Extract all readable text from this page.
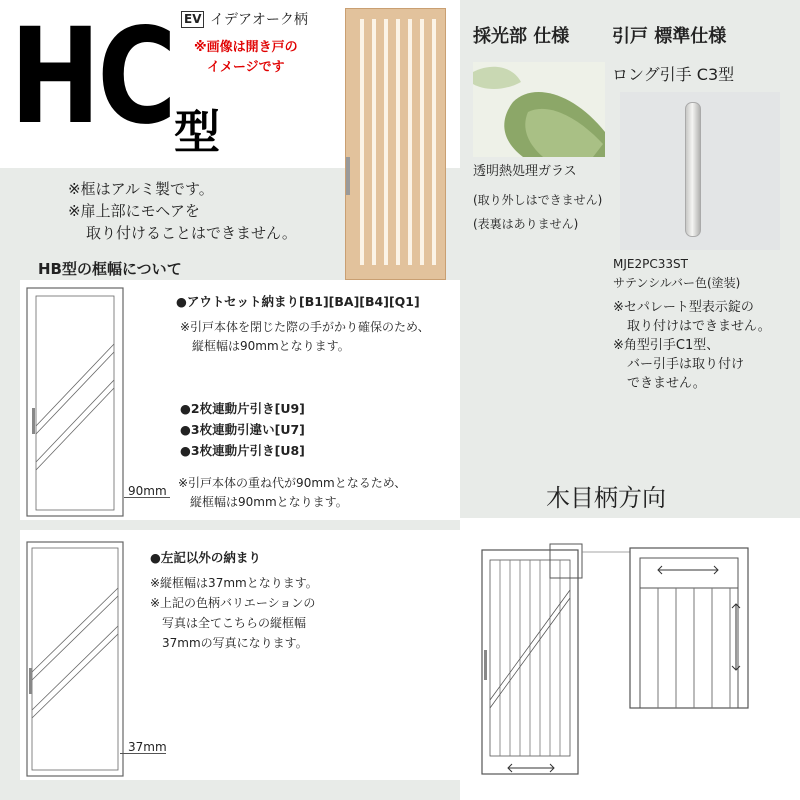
HC 型
EV イデアオーク柄
※画像は開き戸の
イメージです
※框はアルミ製です。
※扉上部にモヘアを
取り付けることはできません。
HB型の框幅について
90mm
●アウトセット納まり[B1][BA][B4][Q1]
※引戸本体を閉じた際の手がかり確保のため、
縦框幅は90mmとなります。
●2枚連動片引き[U9]
●3枚連動引違い[U7]
●3枚連動片引き[U8]
※引戸本体の重ね代が90mmとなるため、
縦框幅は90mmとなります。
37mm
●左記以外の納まり
※縦框幅は37mmとなります。
※上記の色柄バリエーションの
写真は全てこちらの縦框幅
37mmの写真になります。
採光部 仕様
透明熱処理ガラス
(取り外しはできません)
(表裏はありません)
引戸 標準仕様
ロング引手 C3型
MJE2PC33ST
サテンシルバー色(塗装)
※セパレート型表示錠の
取り付けはできません。
※角型引手C1型、
バー引手は取り付け
できません。
木目柄方向
